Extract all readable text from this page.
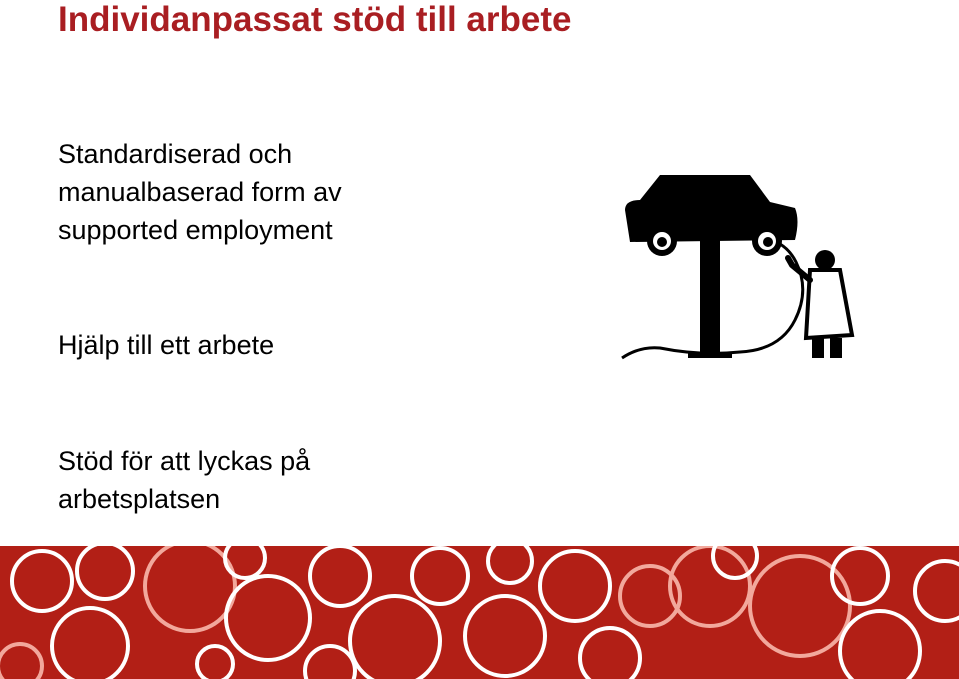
Individanpassat stöd till arbete
Standardiserad och
manualbaserad form av
supported employment
Hjälp till ett arbete
Stöd för att lyckas på
arbetsplatsen
